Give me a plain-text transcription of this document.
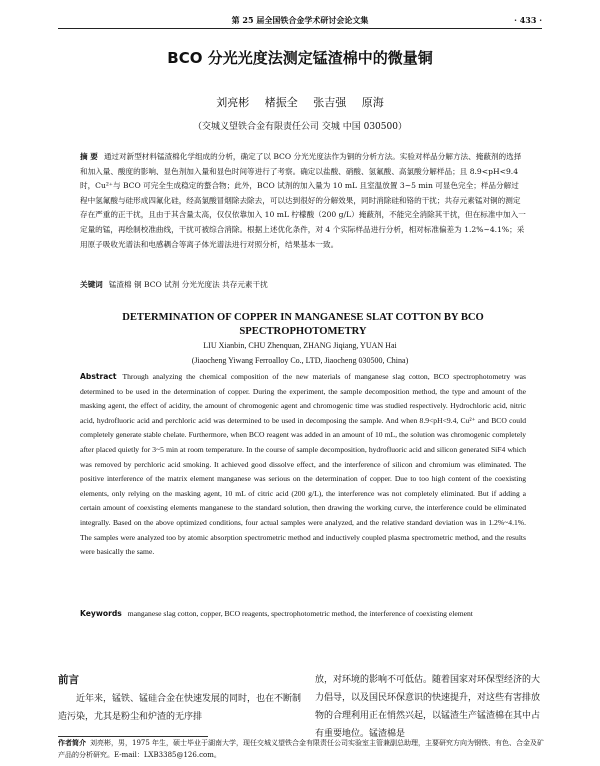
第 25 届全国铁合金学术研讨会论文集	· 433 ·
BCO 分光光度法测定锰渣棉中的微量铜
刘亮彬 楮振全 张吉强 原海
（交城义望铁合金有限责任公司 交城 中国 030500）
摘 要 通过对新型材料锰渣棉化学组成的分析，确定了以 BCO 分光光度法作为铜的分析方法。实验对样品分解方法、掩蔽剂的选择和加入量、酸度的影响、显色剂加入量和显色时间等进行了考察。确定以盐酸、硝酸、氢氟酸、高氯酸分解样品；且 8.9<pH<9.4 时，Cu²⁺与 BCO 可完全生成稳定的螯合物；此外，BCO 试剂的加入量为 10 mL 且室温放置 3~5 min 可显色完全；样品分解过程中氢氟酸与硅形成四氟化硅，经高氯酸冒烟除去除去，可以达到很好的分解效果，同时消除硅和铬的干扰；共存元素锰对铜的测定存在严重的正干扰，且由于其含量太高，仅仅依靠加入 10 mL 柠檬酸（200 g/L）掩蔽剂，不能完全消除其干扰，但在标准中加入一定量的锰，再绘制校准曲线，干扰可被综合消除。根据上述优化条件，对 4 个实际样品进行分析，相对标准偏差为 1.2%~4.1%；采用原子吸收光谱法和电感耦合等离子体光谱法进行对照分析，结果基本一致。
关键词 锰渣棉 铜 BCO 试剂 分光光度法 共存元素干扰
DETERMINATION OF COPPER IN MANGANESE SLAT COTTON BY BCO SPECTROPHOTOMETRY
LIU Xianbin, CHU Zhenquan, ZHANG Jiqiang, YUAN Hai
(Jiaocheng Yiwang Ferroalloy Co., LTD, Jiaocheng 030500, China)
Abstract Through analyzing the chemical composition of the new materials of manganese slag cotton, BCO spectrophotometry was determined to be used in the determination of copper. During the experiment, the sample decomposition method, the type and amount of the masking agent, the effect of acidity, the amount of chromogenic agent and chromogenic time was studied respectively. Hydrochloric acid, nitric acid, hydrofluoric acid and perchloric acid was determined to be used in decomposing the sample. And when 8.9<pH<9.4, Cu²⁺ and BCO could completely generate stable chelate. Furthermore, when BCO reagent was added in an amount of 10 mL, the solution was chromogenic completely after placed quietly for 3~5 min at room temperature. In the course of sample decomposition, hydrofluoric acid and silicon generated SiF4 which was removed by perchloric acid smoking. It achieved good dissolve effect, and the interference of silicon and chromium was eliminated. The positive interference of the matrix element manganese was serious on the determination of copper. Due to too high content of the coexisting elements, only relying on the masking agent, 10 mL of citric acid (200 g/L), the interference was not completely eliminated. But if adding a certain amount of coexisting elements manganese to the standard solution, then drawing the working curve, the interference could be eliminated integrally. Based on the above optimized conditions, four actual samples were analyzed, and the relative standard deviation was in 1.2%~4.1%. The samples were analyzed too by atomic absorption spectrometric method and inductively coupled plasma spectrometric method, and the results were basically the same.
Keywords manganese slag cotton, copper, BCO reagents, spectrophotometric method, the interference of coexisting element
前言
近年来，锰铁、锰硅合金在快速发展的同时，也在不断制造污染，尤其是粉尘和炉渣的无序排
放，对环境的影响不可低估。随着国家对环保型经济的大力倡导，以及国民环保意识的快速提升，对这些有害排放物的合理利用正在悄然兴起，以锰渣生产锰渣棉在其中占有重要地位。锰渣棉是
作者简介 刘亮彬，男，1975 年生，硕士毕业于湖南大学，现任交城义望铁合金有限责任公司实验室主管兼副总助理，主要研究方向为钢铁、有色、合金及矿产品的分析研究。E-mail：LXB3385@126.com。
